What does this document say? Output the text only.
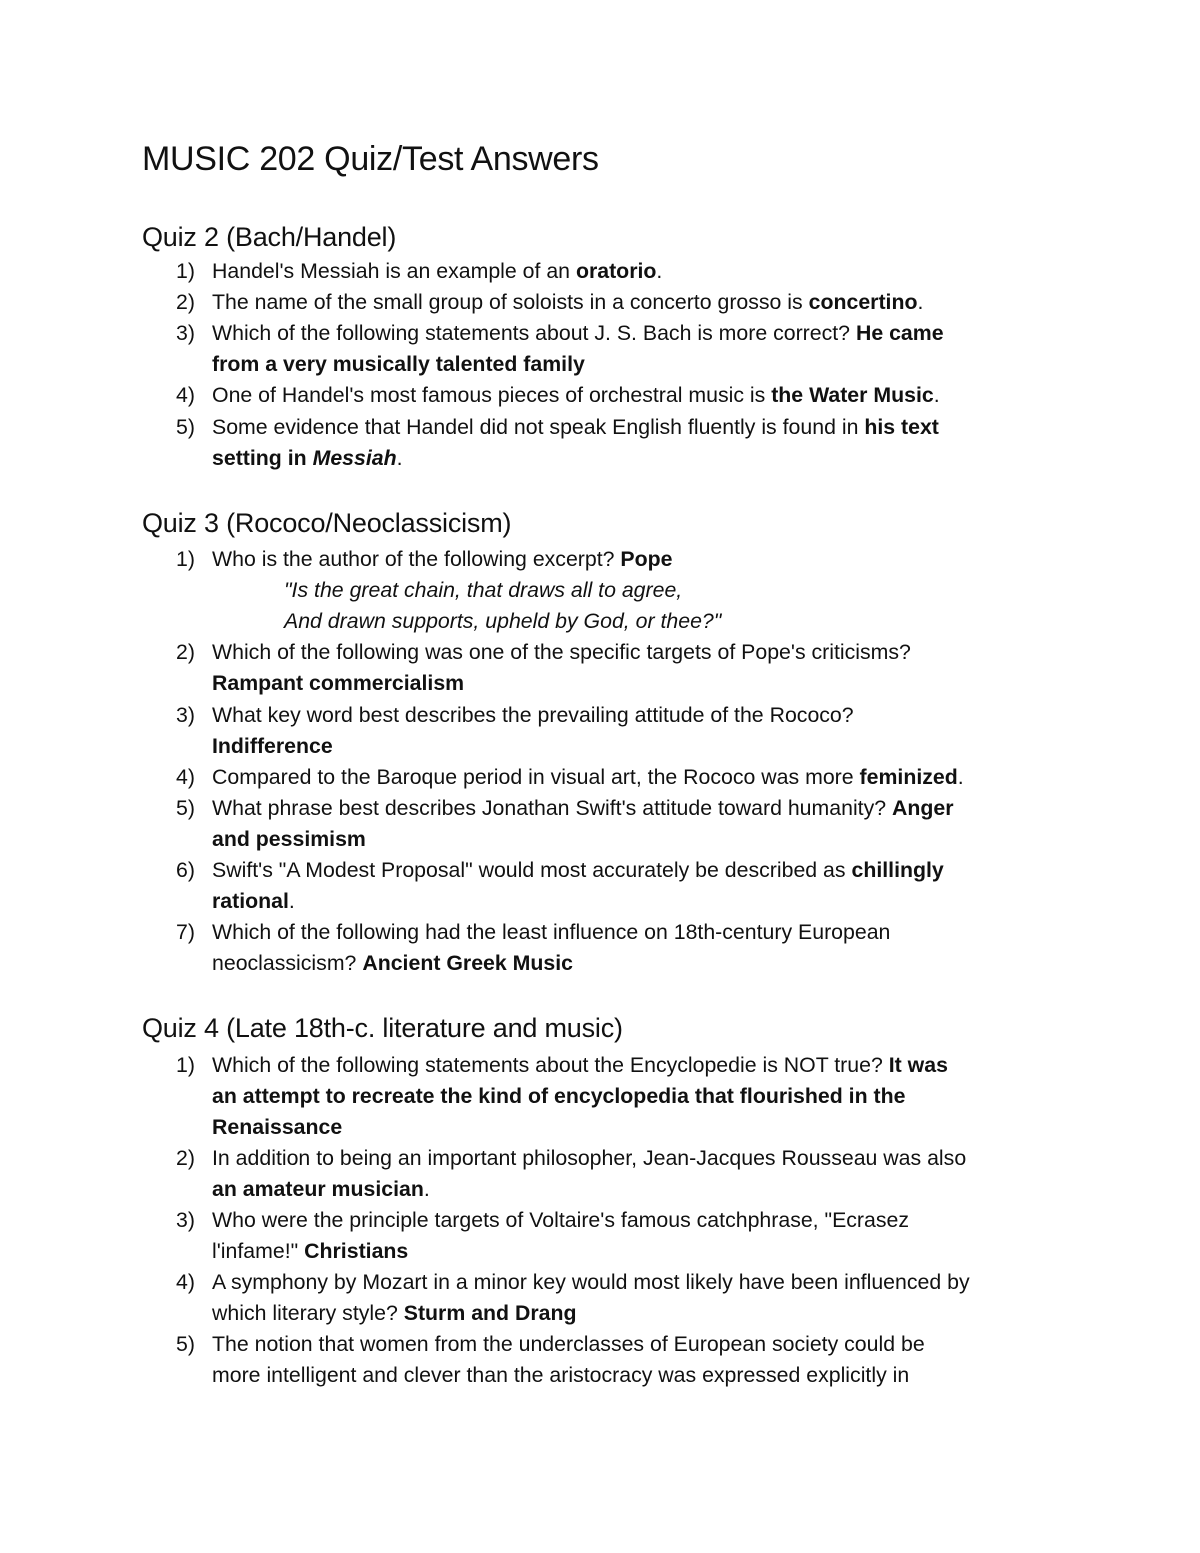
MUSIC 202 Quiz/Test Answers
Quiz 2 (Bach/Handel)
1) Handel's Messiah is an example of an oratorio.
2) The name of the small group of soloists in a concerto grosso is concertino.
3) Which of the following statements about J. S. Bach is more correct? He came
from a very musically talented family
4) One of Handel's most famous pieces of orchestral music is the Water Music.
5) Some evidence that Handel did not speak English fluently is found in his text
setting in Messiah.
Quiz 3 (Rococo/Neoclassicism)
1) Who is the author of the following excerpt? Pope
"Is the great chain, that draws all to agree,
And drawn supports, upheld by God, or thee?"
2) Which of the following was one of the specific targets of Pope's criticisms?
Rampant commercialism
3) What key word best describes the prevailing attitude of the Rococo?
Indifference
4) Compared to the Baroque period in visual art, the Rococo was more feminized.
5) What phrase best describes Jonathan Swift's attitude toward humanity? Anger
and pessimism
6) Swift's "A Modest Proposal" would most accurately be described as chillingly
rational.
7) Which of the following had the least influence on 18th-century European
neoclassicism? Ancient Greek Music
Quiz 4 (Late 18th-c. literature and music)
1) Which of the following statements about the Encyclopedie is NOT true? It was
an attempt to recreate the kind of encyclopedia that flourished in the
Renaissance
2) In addition to being an important philosopher, Jean-Jacques Rousseau was also
an amateur musician.
3) Who were the principle targets of Voltaire's famous catchphrase, "Ecrasez
l'infame!" Christians
4) A symphony by Mozart in a minor key would most likely have been influenced by
which literary style? Sturm and Drang
5) The notion that women from the underclasses of European society could be
more intelligent and clever than the aristocracy was expressed explicitly in
